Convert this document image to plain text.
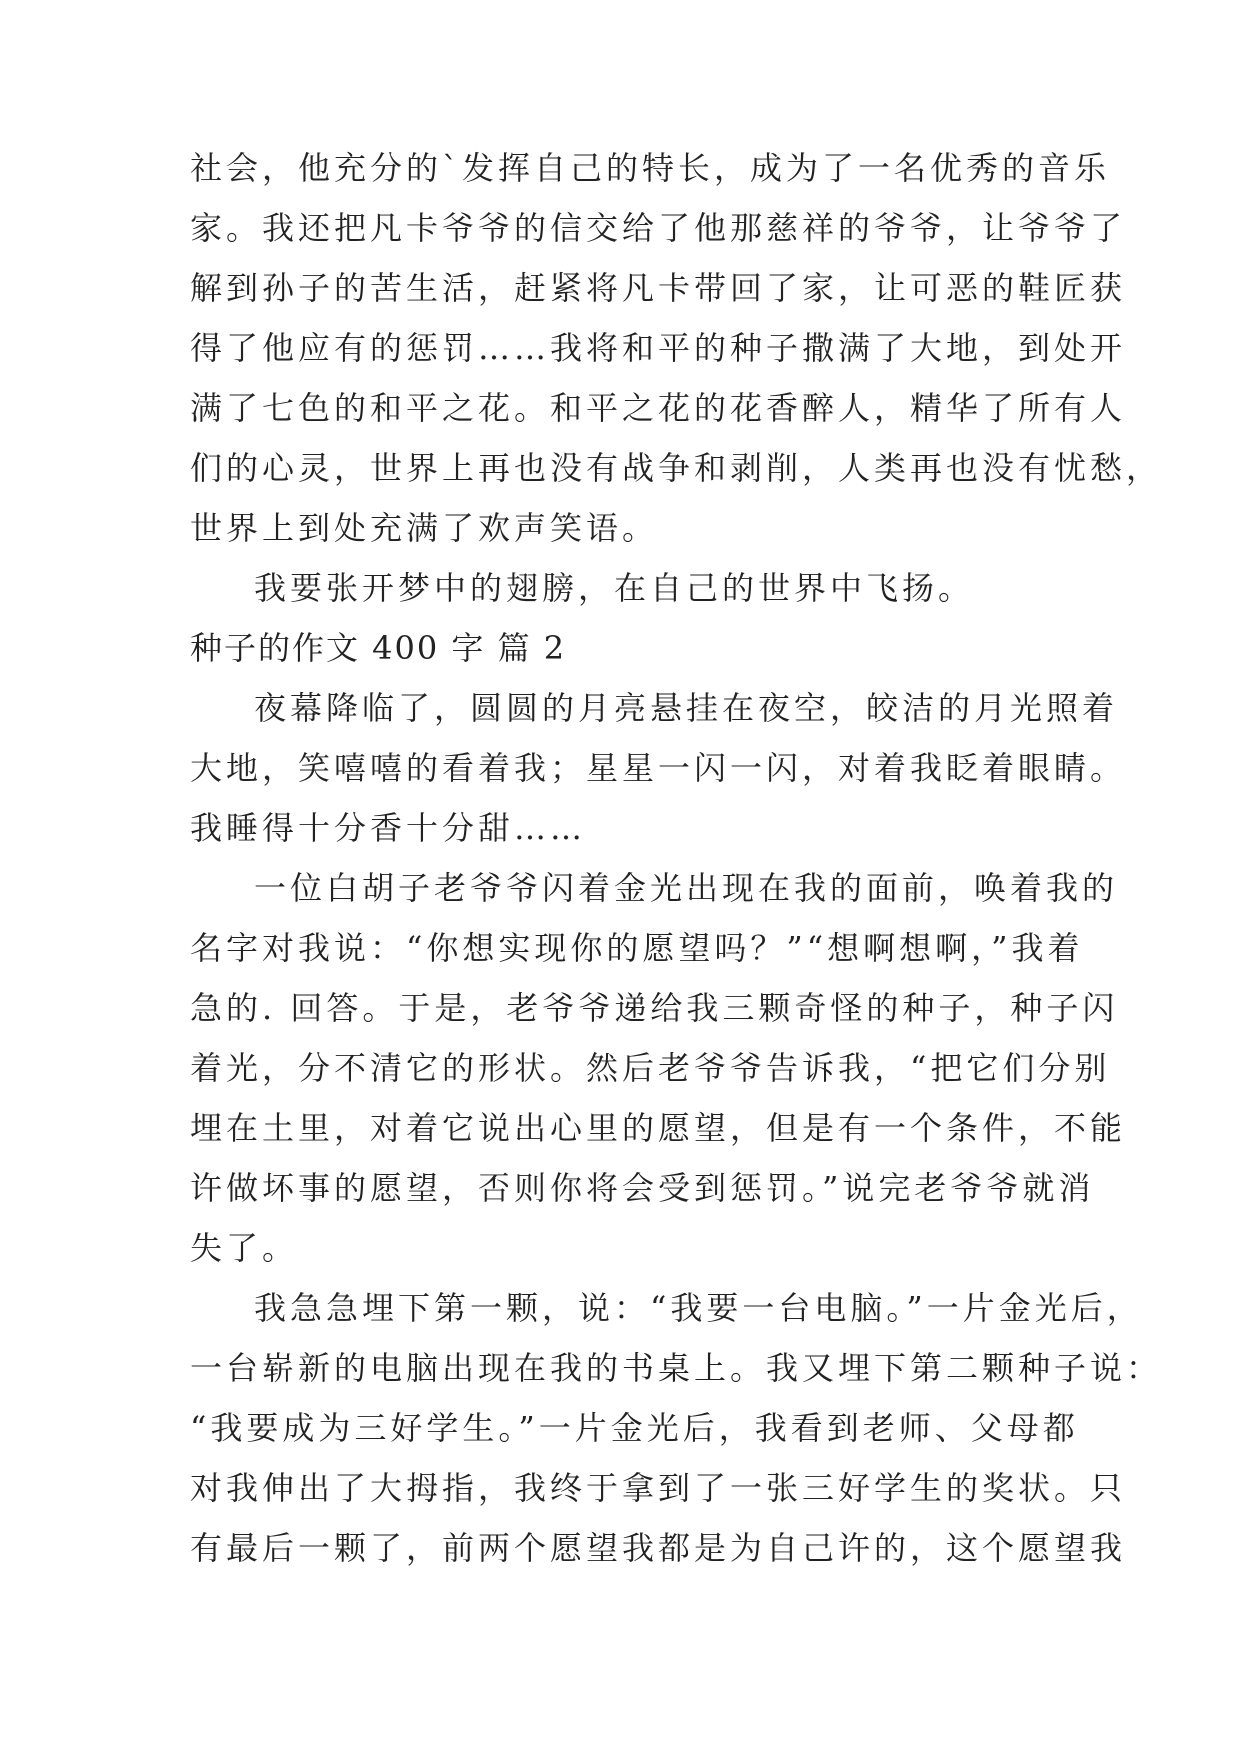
社会，他充分的`发挥自己的特长，成为了一名优秀的音乐
家。我还把凡卡爷爷的信交给了他那慈祥的爷爷，让爷爷了
解到孙子的苦生活，赶紧将凡卡带回了家，让可恶的鞋匠获
得了他应有的惩罚……我将和平的种子撒满了大地，到处开
满了七色的和平之花。和平之花的花香醉人，精华了所有人
们的心灵，世界上再也没有战争和剥削，人类再也没有忧愁，
世界上到处充满了欢声笑语。
我要张开梦中的翅膀，在自己的世界中飞扬。
种子的作文 400 字 篇 2
夜幕降临了，圆圆的月亮悬挂在夜空，皎洁的月光照着
大地，笑嘻嘻的看着我；星星一闪一闪，对着我眨着眼睛。
我睡得十分香十分甜……
一位白胡子老爷爷闪着金光出现在我的面前，唤着我的
名字对我说：“你想实现你的愿望吗？”“想啊想啊，”我着
急的. 回答。于是，老爷爷递给我三颗奇怪的种子，种子闪
着光，分不清它的形状。然后老爷爷告诉我，“把它们分别
埋在土里，对着它说出心里的愿望，但是有一个条件，不能
许做坏事的愿望，否则你将会受到惩罚。”说完老爷爷就消
失了。
我急急埋下第一颗，说：“我要一台电脑。”一片金光后，
一台崭新的电脑出现在我的书桌上。我又埋下第二颗种子说：
“我要成为三好学生。”一片金光后，我看到老师、父母都
对我伸出了大拇指，我终于拿到了一张三好学生的奖状。只
有最后一颗了，前两个愿望我都是为自己许的，这个愿望我
